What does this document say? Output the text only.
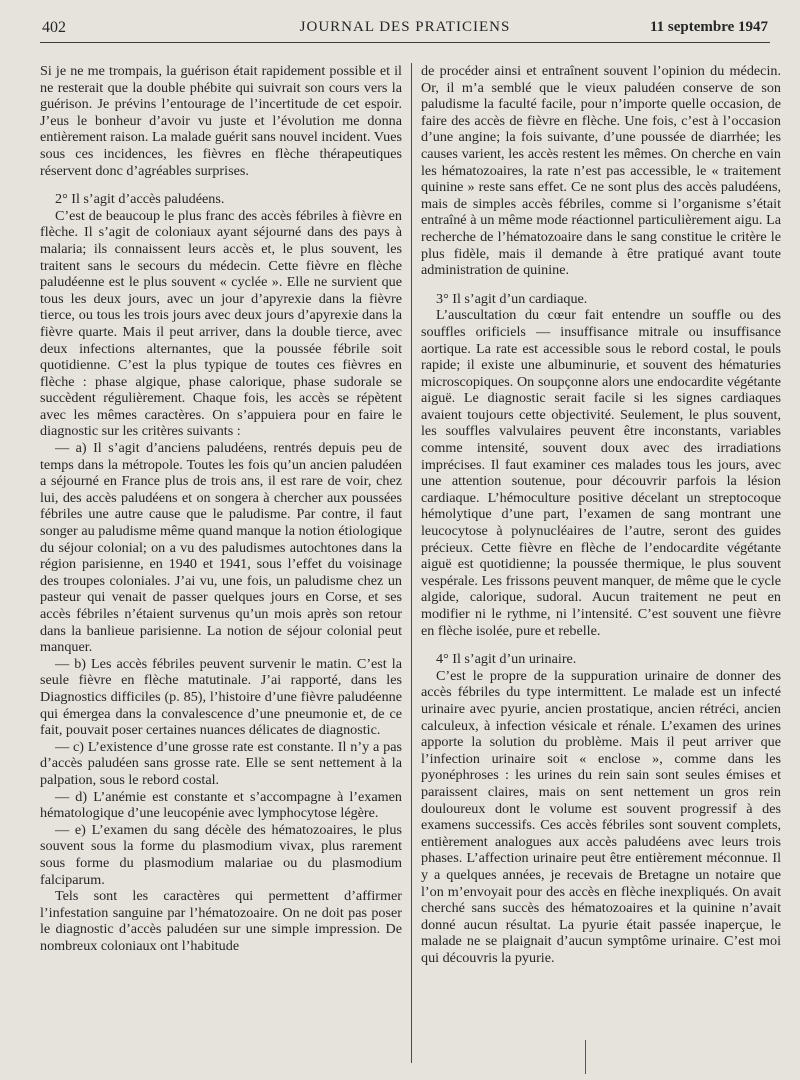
402	JOURNAL DES PRATICIENS	11 septembre 1947

Si je ne me trompais, la guérison était rapidement possible et il ne resterait que la double phébite qui suivrait son cours vers la guérison. Je prévins l’entourage de l’incertitude de cet espoir. J’eus le bonheur d’avoir vu juste et l’évolution me donna entièrement raison. La malade guérit sans nouvel incident. Vues sous ces incidences, les fièvres en flèche thérapeutiques réservent donc d’agréables surprises.

2° Il s’agit d’accès paludéens.

C’est de beaucoup le plus franc des accès fébriles à fièvre en flèche. Il s’agit de coloniaux ayant séjourné dans des pays à malaria; ils connaissent leurs accès et, le plus souvent, les traitent sans le secours du médecin. Cette fièvre en flèche paludéenne est le plus souvent « cyclée ». Elle ne survient que tous les deux jours, avec un jour d’apyrexie dans la fièvre tierce, ou tous les trois jours avec deux jours d’apyrexie dans la fièvre quarte. Mais il peut arriver, dans la double tierce, avec deux infections alternantes, que la poussée fébrile soit quotidienne. C’est la plus typique de toutes ces fièvres en flèche : phase algique, phase calorique, phase sudorale se succèdent régulièrement. Chaque fois, les accès se répètent avec les mêmes caractères. On s’appuiera pour en faire le diagnostic sur les critères suivants :

— a) Il s’agit d’anciens paludéens, rentrés depuis peu de temps dans la métropole. Toutes les fois qu’un ancien paludéen a séjourné en France plus de trois ans, il est rare de voir, chez lui, des accès paludéens et on songera à chercher aux poussées fébriles une autre cause que le paludisme. Par contre, il faut songer au paludisme même quand manque la notion étiologique du séjour colonial; on a vu des paludismes autochtones dans la région parisienne, en 1940 et 1941, sous l’effet du voisinage des troupes coloniales. J’ai vu, une fois, un paludisme chez un pasteur qui venait de passer quelques jours en Corse, et ses accès fébriles n’étaient survenus qu’un mois après son retour dans la banlieue parisienne. La notion de séjour colonial peut manquer.

— b) Les accès fébriles peuvent survenir le matin. C’est la seule fièvre en flèche matutinale. J’ai rapporté, dans les Diagnostics difficiles (p. 85), l’histoire d’une fièvre paludéenne qui émergea dans la convalescence d’une pneumonie et, de ce fait, pouvait poser certaines nuances délicates de diagnostic.

— c) L’existence d’une grosse rate est constante. Il n’y a pas d’accès paludéen sans grosse rate. Elle se sent nettement à la palpation, sous le rebord costal.

— d) L’anémie est constante et s’accompagne à l’examen hématologique d’une leucopénie avec lymphocytose légère.

— e) L’examen du sang décèle des hématozoaires, le plus souvent sous la forme du plasmodium vivax, plus rarement sous forme du plasmodium malariae ou du plasmodium falciparum.

Tels sont les caractères qui permettent d’affirmer l’infestation sanguine par l’hématozoaire. On ne doit pas poser le diagnostic d’accès paludéen sur une simple impression. De nombreux coloniaux ont l’habitude

de procéder ainsi et entraînent souvent l’opinion du médecin. Or, il m’a semblé que le vieux paludéen conserve de son paludisme la faculté facile, pour n’importe quelle occasion, de faire des accès de fièvre en flèche. Une fois, c’est à l’occasion d’une angine; la fois suivante, d’une poussée de diarrhée; les causes varient, les accès restent les mêmes. On cherche en vain les hématozoaires, la rate n’est pas accessible, le « traitement quinine » reste sans effet. Ce ne sont plus des accès paludéens, mais de simples accès fébriles, comme si l’organisme s’était entraîné à un même mode réactionnel particulièrement aigu. La recherche de l’hématozoaire dans le sang constitue le critère le plus fidèle, mais il demande à être pratiqué avant toute administration de quinine.

3° Il s’agit d’un cardiaque.

L’auscultation du cœur fait entendre un souffle ou des souffles orificiels — insuffisance mitrale ou insuffisance aortique. La rate est accessible sous le rebord costal, le pouls rapide; il existe une albuminurie, et souvent des hématuries microscopiques. On soupçonne alors une endocardite végétante aiguë. Le diagnostic serait facile si les signes cardiaques avaient toujours cette objectivité. Seulement, le plus souvent, les souffles valvulaires peuvent être inconstants, variables comme intensité, souvent doux avec des irradiations imprécises. Il faut examiner ces malades tous les jours, avec une attention soutenue, pour découvrir parfois la lésion cardiaque. L’hémoculture positive décelant un streptocoque hémolytique d’une part, l’examen de sang montrant une leucocytose à polynucléaires de l’autre, seront des guides précieux. Cette fièvre en flèche de l’endocardite végétante aiguë est quotidienne; la poussée thermique, le plus souvent vespérale. Les frissons peuvent manquer, de même que le cycle algide, calorique, sudoral. Aucun traitement ne peut en modifier ni le rythme, ni l’intensité. C’est souvent une fièvre en flèche isolée, pure et rebelle.

4° Il s’agit d’un urinaire.

C’est le propre de la suppuration urinaire de donner des accès fébriles du type intermittent. Le malade est un infecté urinaire avec pyurie, ancien prostatique, ancien rétréci, ancien calculeux, à infection vésicale et rénale. L’examen des urines apporte la solution du problème. Mais il peut arriver que l’infection urinaire soit « enclose », comme dans les pyonéphroses : les urines du rein sain sont seules émises et paraissent claires, mais on sent nettement un gros rein douloureux dont le volume est souvent progressif à des examens successifs. Ces accès fébriles sont souvent complets, entièrement analogues aux accès paludéens avec leurs trois phases. L’affection urinaire peut être entièrement méconnue. Il y a quelques années, je recevais de Bretagne un notaire que l’on m’envoyait pour des accès en flèche inexpliqués. On avait cherché sans succès des hématozoaires et la quinine n’avait donné aucun résultat. La pyurie était passée inaperçue, le malade ne se plaignait d’aucun symptôme urinaire. C’est moi qui découvris la pyurie.
